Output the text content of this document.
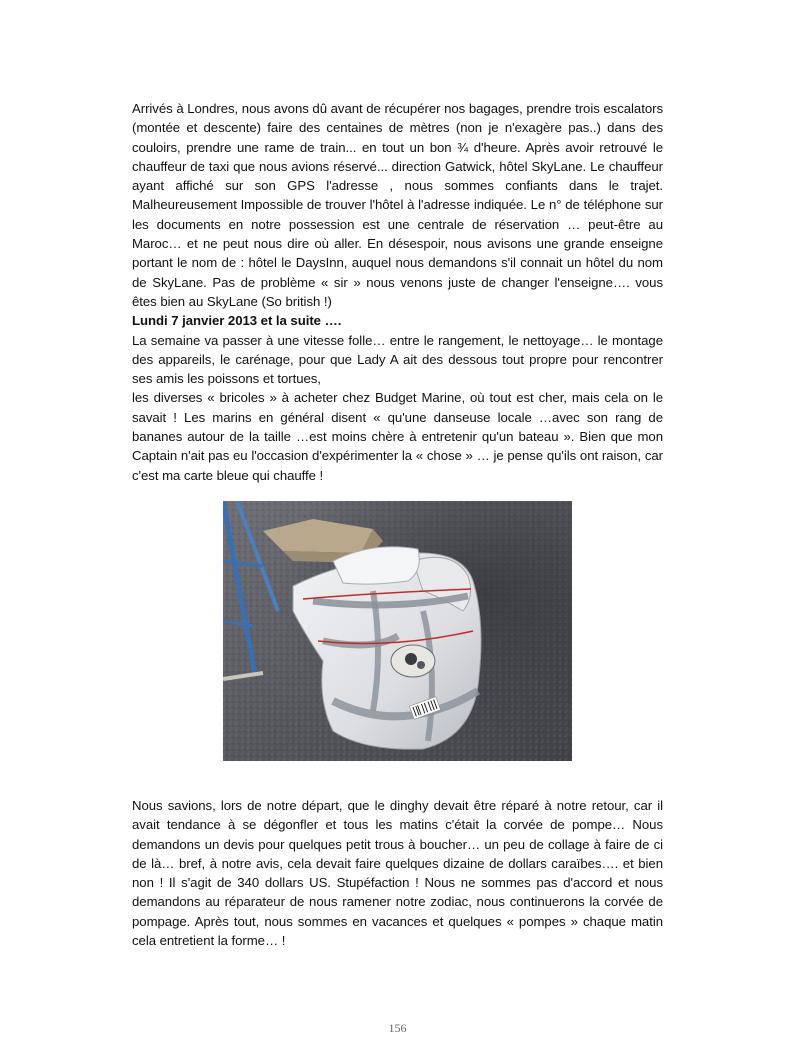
Arrivés à Londres, nous avons dû avant de récupérer nos bagages, prendre trois escalators (montée et descente) faire des centaines de mètres (non je n'exagère pas..) dans des couloirs, prendre une rame de train... en tout un bon ¾ d'heure. Après avoir retrouvé le chauffeur de taxi que nous avions réservé... direction Gatwick, hôtel SkyLane. Le chauffeur ayant affiché sur son GPS l'adresse , nous sommes confiants dans le trajet. Malheureusement Impossible de trouver l'hôtel à l'adresse indiquée. Le n° de téléphone sur les documents en notre possession est une centrale de réservation … peut-être au Maroc… et ne peut nous dire où aller. En désespoir, nous avisons une grande enseigne portant le nom de : hôtel le DaysInn, auquel nous demandons s'il connait un hôtel du nom de SkyLane. Pas de problème « sir » nous venons juste de changer l'enseigne…. vous êtes bien au SkyLane (So british !)

Lundi 7 janvier 2013 et la suite ….

La semaine va passer à une vitesse folle… entre le rangement, le nettoyage… le montage des appareils, le carénage, pour que Lady A ait des dessous tout propre pour rencontrer ses amis les poissons et tortues,

les diverses « bricoles » à acheter chez Budget Marine, où tout est cher, mais cela on le savait ! Les marins en général disent « qu'une danseuse locale …avec son rang de bananes autour de la taille …est moins chère à entretenir qu'un bateau ». Bien que mon Captain n'ait pas eu l'occasion d'expérimenter la « chose » … je pense qu'ils ont raison, car c'est ma carte bleue qui chauffe !

Nous savions, lors de notre départ, que le dinghy devait être réparé à notre retour, car il avait tendance à se dégonfler et tous les matins c'était la corvée de pompe… Nous demandons un devis pour quelques petit trous à boucher… un peu de collage à faire de ci de là… bref, à notre avis, cela devait faire quelques dizaine de dollars caraïbes…. et bien non ! Il s'agit de 340 dollars US. Stupéfaction ! Nous ne sommes pas d'accord et nous demandons au réparateur de nous ramener notre zodiac, nous continuerons la corvée de pompage. Après tout, nous sommes en vacances et quelques « pompes » chaque matin cela entretient la forme… !

156
